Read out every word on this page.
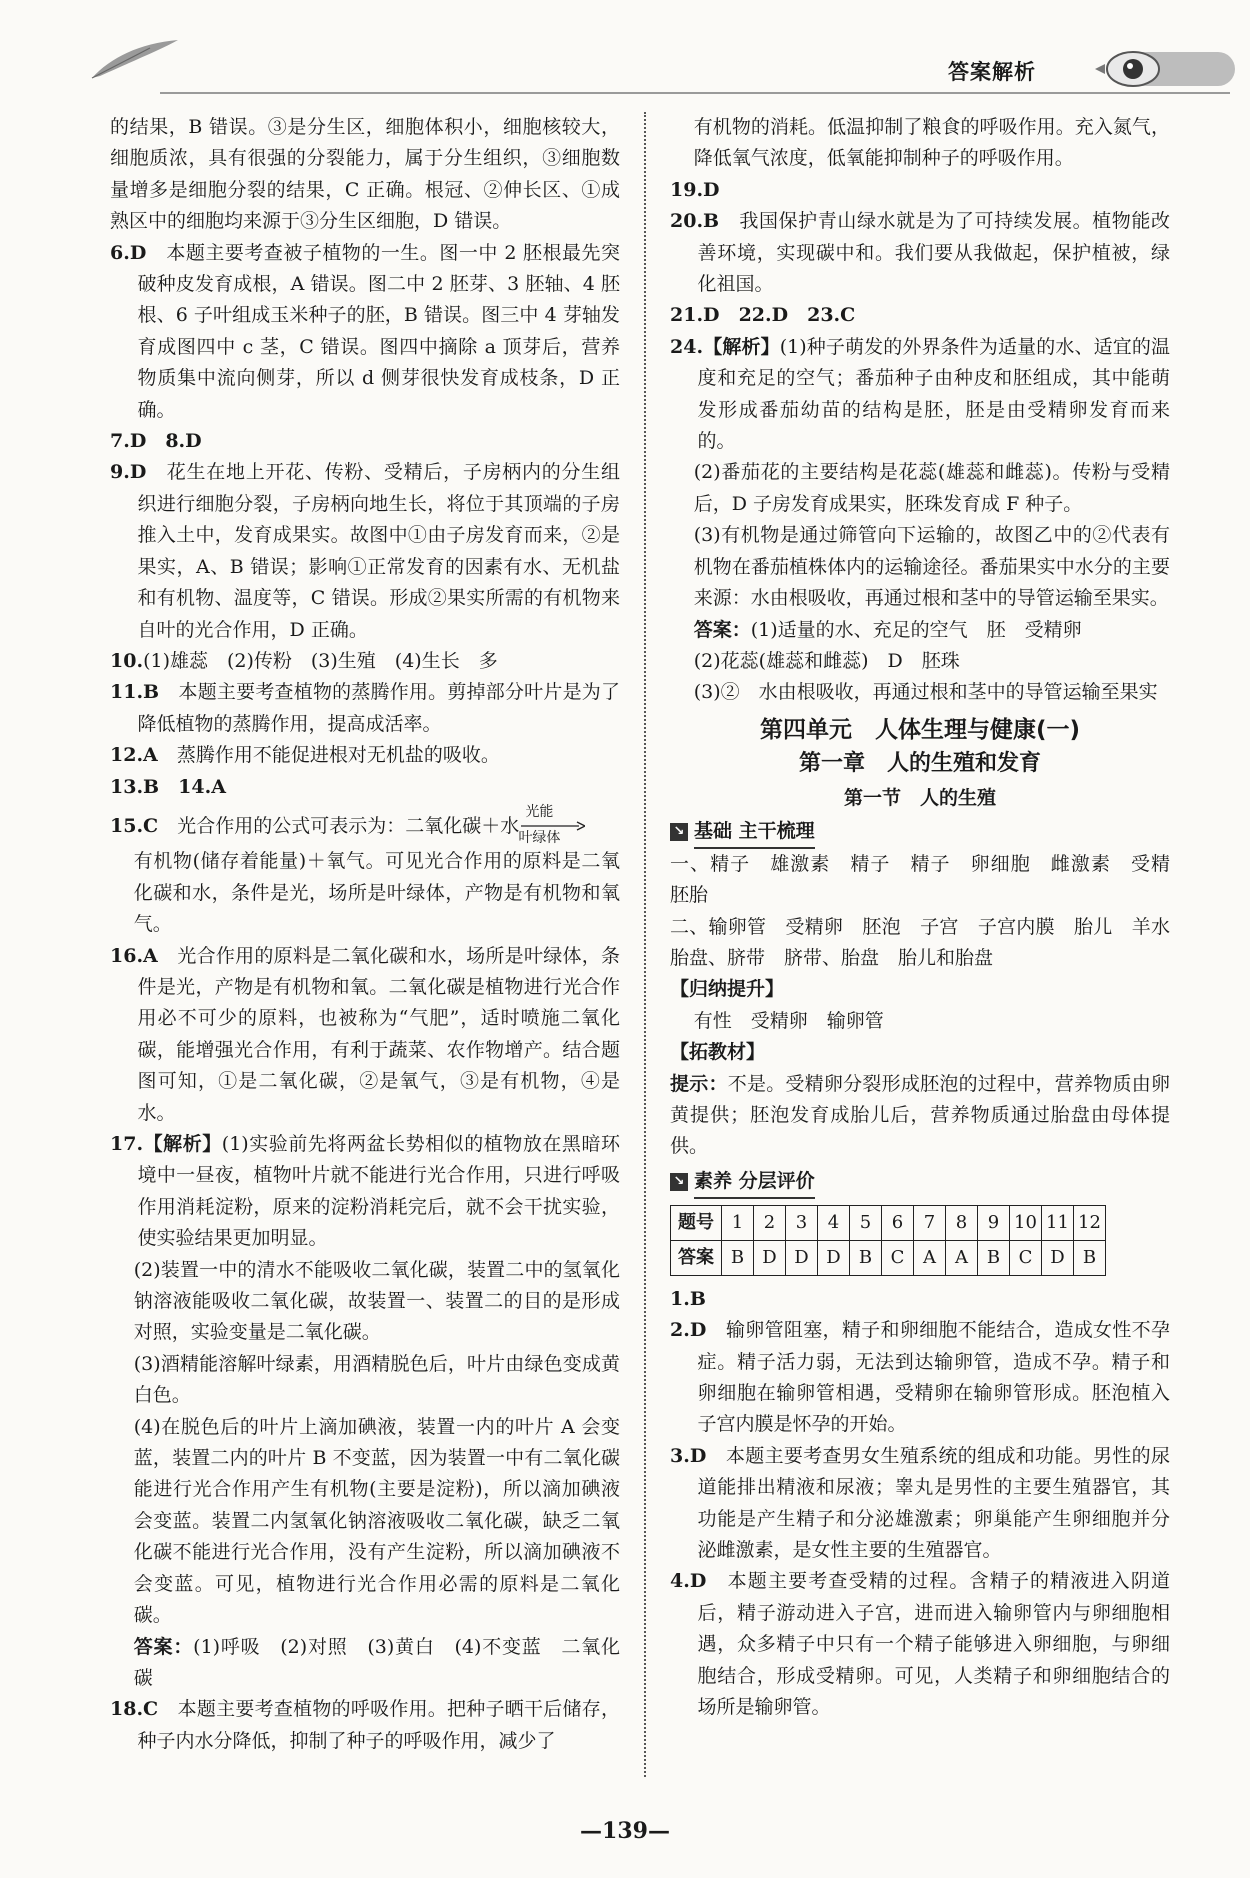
答案解析

的结果，B 错误。③是分生区，细胞体积小，细胞核较大，细胞质浓，具有很强的分裂能力，属于分生组织，③细胞数量增多是细胞分裂的结果，C 正确。根冠、②伸长区、①成熟区中的细胞均来源于③分生区细胞，D 错误。

6.D　 本题主要考查被子植物的一生。图一中 2 胚根最先突破种皮发育成根，A 错误。图二中 2 胚芽、3 胚轴、4 胚根、6 子叶组成玉米种子的胚，B 错误。图三中 4 芽轴发育成图四中 c 茎，C 错误。图四中摘除 a 顶芽后，营养物质集中流向侧芽，所以 d 侧芽很快发育成枝条，D 正确。

7.D　 8.D

9.D　 花生在地上开花、传粉、受精后，子房柄内的分生组织进行细胞分裂，子房柄向地生长，将位于其顶端的子房推入土中，发育成果实。故图中①由子房发育而来，②是果实，A、B 错误；影响①正常发育的因素有水、无机盐和有机物、温度等，C 错误。形成②果实所需的有机物来自叶的光合作用，D 正确。

10.(1)雄蕊　(2)传粉　(3)生殖　(4)生长　多

11.B　 本题主要考查植物的蒸腾作用。剪掉部分叶片是为了降低植物的蒸腾作用，提高成活率。

12.A　 蒸腾作用不能促进根对无机盐的吸收。

13.B　 14.A

15.C　 光合作用的公式可表示为：二氧化碳＋水
光能
叶绿体

有机物(储存着能量)＋氧气。可见光合作用的原料是二氧化碳和水，条件是光，场所是叶绿体，产物是有机物和氧气。

16.A　 光合作用的原料是二氧化碳和水，场所是叶绿体，条件是光，产物是有机物和氧。二氧化碳是植物进行光合作用必不可少的原料，也被称为“气肥”，适时喷施二氧化碳，能增强光合作用，有利于蔬菜、农作物增产。结合题图可知，①是二氧化碳，②是氧气，③是有机物，④是水。

17.【解析】(1)实验前先将两盆长势相似的植物放在黑暗环境中一昼夜，植物叶片就不能进行光合作用，只进行呼吸作用消耗淀粉，原来的淀粉消耗完后，就不会干扰实验，使实验结果更加明显。

(2)装置一中的清水不能吸收二氧化碳，装置二中的氢氧化钠溶液能吸收二氧化碳，故装置一、装置二的目的是形成对照，实验变量是二氧化碳。

(3)酒精能溶解叶绿素，用酒精脱色后，叶片由绿色变成黄白色。

(4)在脱色后的叶片上滴加碘液，装置一内的叶片 A 会变蓝，装置二内的叶片 B 不变蓝，因为装置一中有二氧化碳能进行光合作用产生有机物(主要是淀粉)，所以滴加碘液会变蓝。装置二内氢氧化钠溶液吸收二氧化碳，缺乏二氧化碳不能进行光合作用，没有产生淀粉，所以滴加碘液不会变蓝。可见，植物进行光合作用必需的原料是二氧化碳。

答案：(1)呼吸　(2)对照　(3)黄白　(4)不变蓝　二氧化碳

18.C　 本题主要考查植物的呼吸作用。把种子晒干后储存，种子内水分降低，抑制了种子的呼吸作用，减少了

有机物的消耗。低温抑制了粮食的呼吸作用。充入氮气，降低氧气浓度，低氧能抑制种子的呼吸作用。

19.D

20.B　 我国保护青山绿水就是为了可持续发展。植物能改善环境，实现碳中和。我们要从我做起，保护植被，绿化祖国。

21.D　 22.D　23.C

24.【解析】(1)种子萌发的外界条件为适量的水、适宜的温度和充足的空气；番茄种子由种皮和胚组成，其中能萌发形成番茄幼苗的结构是胚，胚是由受精卵发育而来的。

(2)番茄花的主要结构是花蕊(雄蕊和雌蕊)。传粉与受精后，D 子房发育成果实，胚珠发育成 F 种子。

(3)有机物是通过筛管向下运输的，故图乙中的②代表有机物在番茄植株体内的运输途径。番茄果实中水分的主要来源：水由根吸收，再通过根和茎中的导管运输至果实。

答案：(1)适量的水、充足的空气　胚　受精卵

(2)花蕊(雄蕊和雌蕊)　D　胚珠

(3)②　水由根吸收，再通过根和茎中的导管运输至果实

第四单元　人体生理与健康(一)
第一章　人的生殖和发育
第一节　人的生殖
↘ 基础 主干梳理

一、精子　雄激素　精子　精子　卵细胞　雌激素　受精　胚胎

二、输卵管　受精卵　胚泡　子宫　子宫内膜　胎儿　羊水　胎盘、脐带　脐带、胎盘　胎儿和胎盘

【归纳提升】

有性　受精卵　输卵管

【拓教材】

提示：不是。受精卵分裂形成胚泡的过程中，营养物质由卵黄提供；胚泡发育成胎儿后，营养物质通过胎盘由母体提供。

↘ 素养 分层评价
题号	1	2	3	4	5	6	7	8	9	10	11	12
答案	B	D	D	D	B	C	A	A	B	C	D	B

1.B

2.D　 输卵管阻塞，精子和卵细胞不能结合，造成女性不孕症。精子活力弱，无法到达输卵管，造成不孕。精子和卵细胞在输卵管相遇，受精卵在输卵管形成。胚泡植入子宫内膜是怀孕的开始。

3.D　 本题主要考查男女生殖系统的组成和功能。男性的尿道能排出精液和尿液；睾丸是男性的主要生殖器官，其功能是产生精子和分泌雄激素；卵巢能产生卵细胞并分泌雌激素，是女性主要的生殖器官。

4.D　 本题主要考查受精的过程。含精子的精液进入阴道后，精子游动进入子宫，进而进入输卵管内与卵细胞相遇，众多精子中只有一个精子能够进入卵细胞，与卵细胞结合，形成受精卵。可见，人类精子和卵细胞结合的场所是输卵管。

—139—
